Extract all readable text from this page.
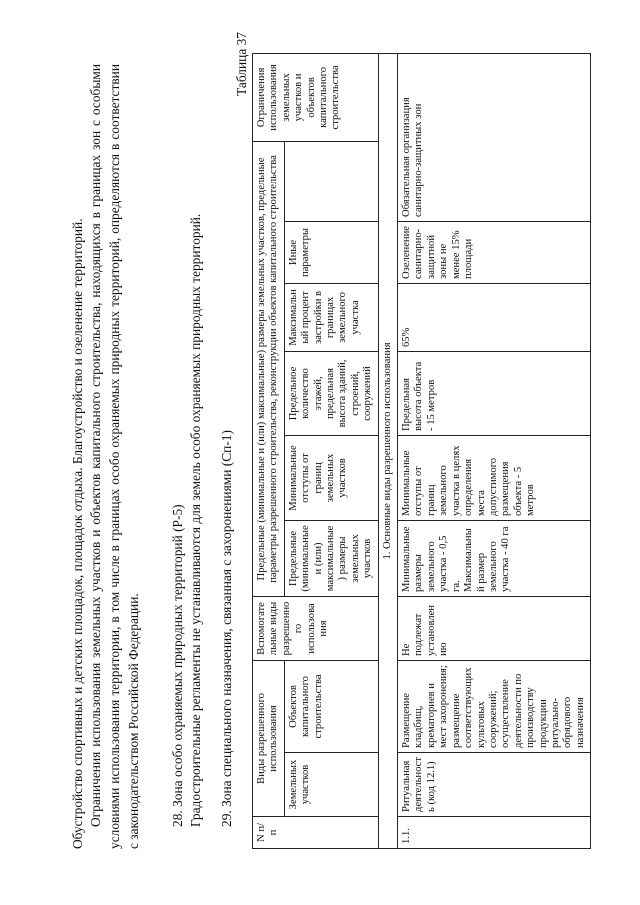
Обустройство спортивных и детских площадок, площадок отдыха. Благоустройство и озеленение территорий. Ограничения использования земельных участков и объектов капитального строительства, находящихся в границах зон с особыми условиями использования территории, в том числе в границах особо охраняемых природных территорий, определяются в соответствии с законодательством Российской Федерации. 28. Зона особо охраняемых природных территорий (Р-5) Градостроительные регламенты не устанавливаются для земель особо охраняемых природных территорий. 29. Зона специального назначения, связанная с захоронениями (Сп-1)

Таблица 37

N п/п	Виды разрешенного использования		Вспомогательные виды разрешенного использования	Предельные (минимальные и (или) максимальные) размеры земельных участков, предельные параметры разрешенного строительства, реконструкции объектов капитального строительства						Ограничения использования земельных участков и объектов капитального строительства
	Земельных участков	Объектов капитального строительства		Предельные (минимальные и (или) максимальные) размеры земельных участков	Минимальные отступы от границ земельных участков	Предельное количество этажей, предельная высота зданий, строений, сооружений	Максимальный процент застройки в границах земельного участка	Иные параметры	
1. Основные виды разрешенного использования										
1.1.	Ритуальная деятельность (код 12.1)	Размещение кладбищ, крематориев и мест захоронения; размещение соответствующих культовых сооружений; осуществление деятельности по производству продукции ритуально-обрядового назначения	Не подлежат установлению	Минимальные размеры земельного участка - 0,5 га. Максимальный размер земельного участка - 40 га	Минимальные отступы от границ земельного участка в целях определения места допустимого размещения объекта - 5 метров	Предельная высота объекта - 15 метров	65%	Озеленение санитарно-защитной зоны не менее 15% площади	Обязательная организация санитарно-защитных зон	
